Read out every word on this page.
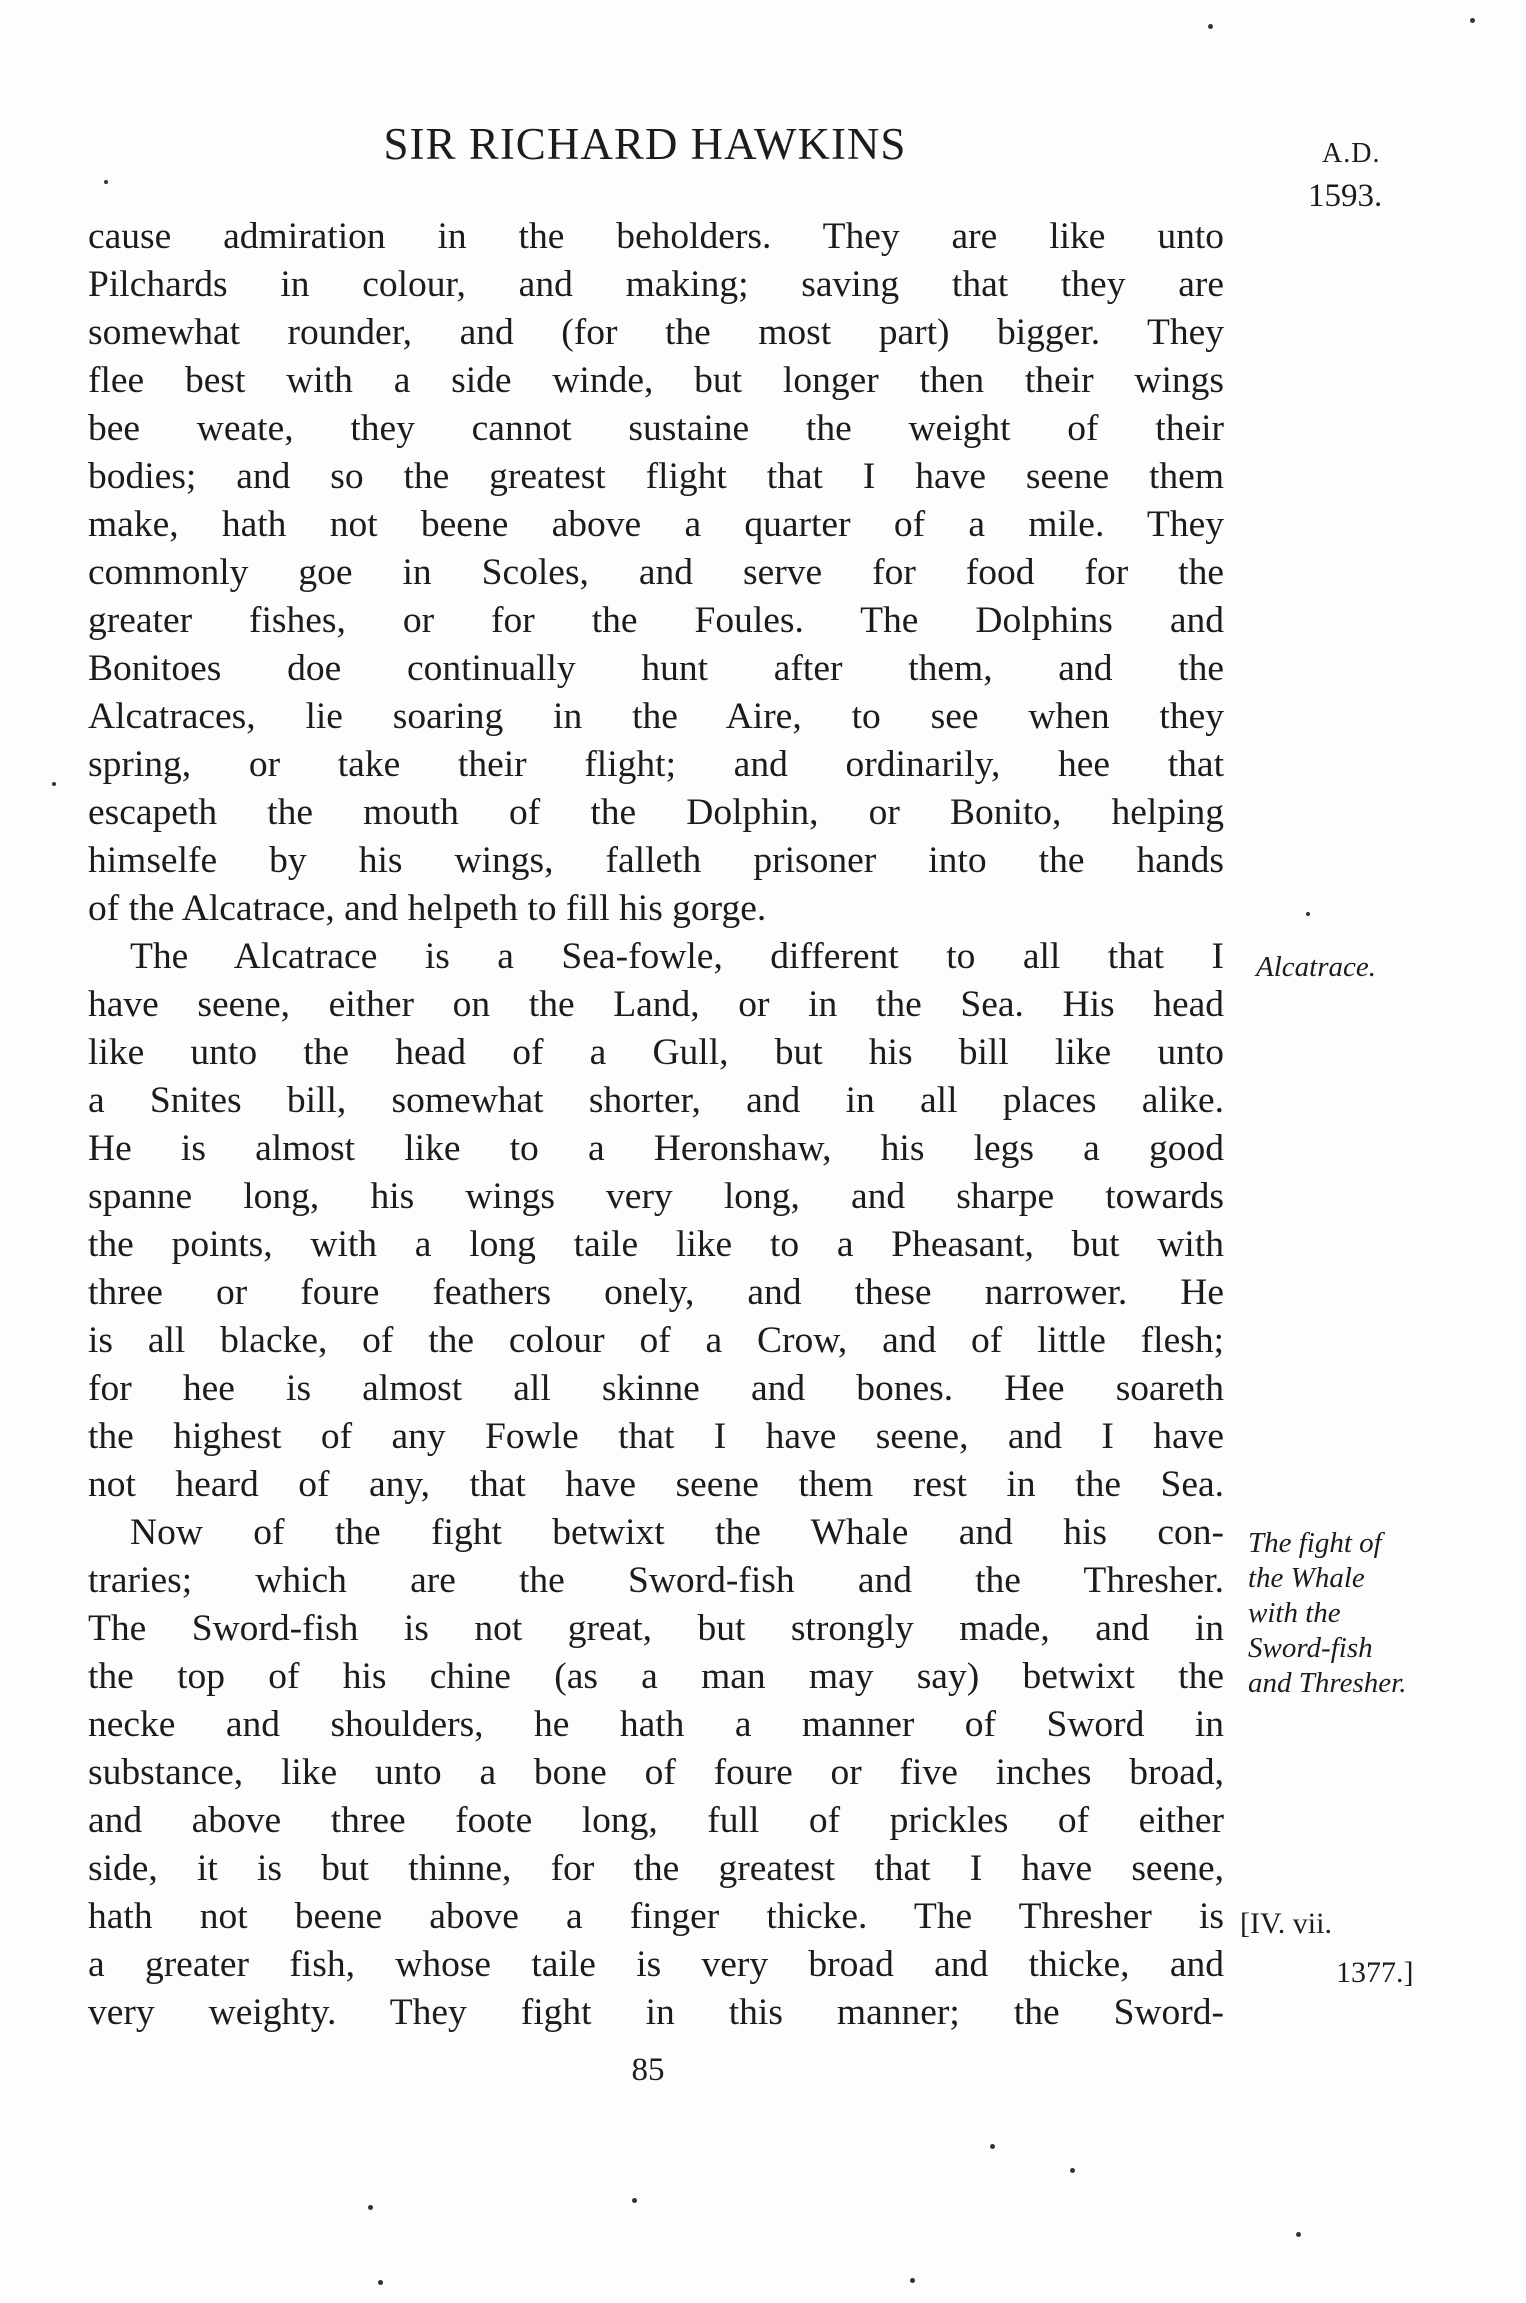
SIR RICHARD HAWKINS	A.D.
1593.
cause admiration in the beholders. They are like unto
Pilchards in colour, and making; saving that they are
somewhat rounder, and (for the most part) bigger. They
flee best with a side winde, but longer then their wings
bee weate, they cannot sustaine the weight of their
bodies; and so the greatest flight that I have seene them
make, hath not beene above a quarter of a mile. They
commonly goe in Scoles, and serve for food for the
greater fishes, or for the Foules. The Dolphins and
Bonitoes doe continually hunt after them, and the
Alcatraces, lie soaring in the Aire, to see when they
spring, or take their flight; and ordinarily, hee that
escapeth the mouth of the Dolphin, or Bonito, helping
himselfe by his wings, falleth prisoner into the hands
of the Alcatrace, and helpeth to fill his gorge.
The Alcatrace is a Sea-fowle, different to all that I
have seene, either on the Land, or in the Sea. His head
like unto the head of a Gull, but his bill like unto
a Snites bill, somewhat shorter, and in all places alike.
He is almost like to a Heronshaw, his legs a good
spanne long, his wings very long, and sharpe towards
the points, with a long taile like to a Pheasant, but with
three or foure feathers onely, and these narrower. He
is all blacke, of the colour of a Crow, and of little flesh;
for hee is almost all skinne and bones. Hee soareth
the highest of any Fowle that I have seene, and I have
not heard of any, that have seene them rest in the Sea.
Now of the fight betwixt the Whale and his con-
traries; which are the Sword-fish and the Thresher.
The Sword-fish is not great, but strongly made, and in
the top of his chine (as a man may say) betwixt the
necke and shoulders, he hath a manner of Sword in
substance, like unto a bone of foure or five inches broad,
and above three foote long, full of prickles of either
side, it is but thinne, for the greatest that I have seene,
hath not beene above a finger thicke. The Thresher is
a greater fish, whose taile is very broad and thicke, and
very weighty. They fight in this manner; the Sword-
Alcatrace.
The fight of
the Whale
with the
Sword-fish
and Thresher.
[IV. vii.
1377.]
85
